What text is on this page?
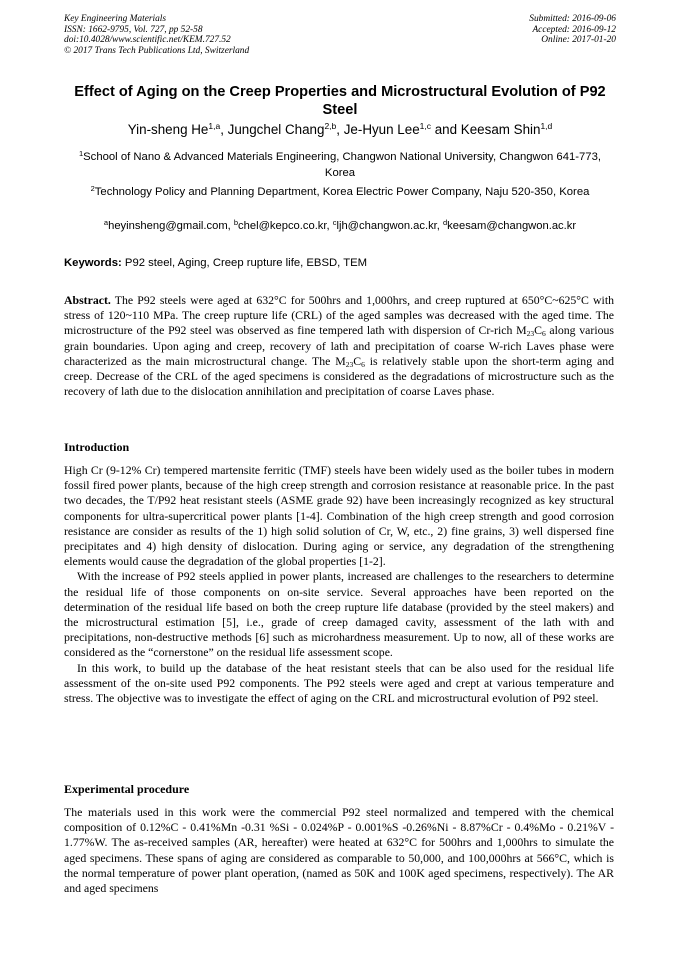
Key Engineering Materials
ISSN: 1662-9795, Vol. 727, pp 52-58
doi:10.4028/www.scientific.net/KEM.727.52
© 2017 Trans Tech Publications Ltd, Switzerland
Submitted: 2016-09-06
Accepted: 2016-09-12
Online: 2017-01-20
Effect of Aging on the Creep Properties and Microstructural Evolution of P92 Steel
Yin-sheng He$^{1,a}$, Jungchel Chang$^{2,b}$, Je-Hyun Lee$^{1,c}$ and Keesam Shin$^{1,d}$
$^1$School of Nano & Advanced Materials Engineering, Changwon National University, Changwon 641-773, Korea
$^2$Technology Policy and Planning Department, Korea Electric Power Company, Naju 520-350, Korea
$^a$heyinsheng@gmail.com, $^b$chel@kepco.co.kr, $^c$ljh@changwon.ac.kr, $^d$keesam@changwon.ac.kr
Keywords: P92 steel, Aging, Creep rupture life, EBSD, TEM

Abstract. The P92 steels were aged at 632°C for 500hrs and 1,000hrs, and creep ruptured at 650°C~625°C with stress of 120~110 MPa. The creep rupture life (CRL) of the aged samples was decreased with the aged time. The microstructure of the P92 steel was observed as fine tempered lath with dispersion of Cr-rich $M_{23}C_6$ along various grain boundaries. Upon aging and creep, recovery of lath and precipitation of coarse W-rich Laves phase were characterized as the main microstructural change. The $M_{23}C_6$ is relatively stable upon the short-term aging and creep. Decrease of the CRL of the aged specimens is considered as the degradations of microstructure such as the recovery of lath due to the dislocation annihilation and precipitation of coarse Laves phase.

Introduction

High Cr (9-12% Cr) tempered martensite ferritic (TMF) steels have been widely used as the boiler tubes in modern fossil fired power plants, because of the high creep strength and corrosion resistance at reasonable price. In the past two decades, the T/P92 heat resistant steels (ASME grade 92) have been increasingly recognized as key structural components for ultra-supercritical power plants [1-4]. Combination of the high creep strength and good corrosion resistance are consider as results of the 1) high solid solution of Cr, W, etc., 2) fine grains, 3) well dispersed fine precipitates and 4) high density of dislocation. During aging or service, any degradation of the strengthening elements would cause the degradation of the global properties [1-2].

With the increase of P92 steels applied in power plants, increased are challenges to the researchers to determine the residual life of those components on on-site service. Several approaches have been reported on the determination of the residual life based on both the creep rupture life database (provided by the steel makers) and the microstructural estimation [5], i.e., grade of creep damaged cavity, assessment of the lath with and precipitations, non-destructive methods [6] such as microhardness measurement. Up to now, all of these works are considered as the “cornerstone” on the residual life assessment scope.

In this work, to build up the database of the heat resistant steels that can be also used for the residual life assessment of the on-site used P92 components. The P92 steels were aged and crept at various temperature and stress. The objective was to investigate the effect of aging on the CRL and microstructural evolution of P92 steel.

Experimental procedure

The materials used in this work were the commercial P92 steel normalized and tempered with the chemical composition of 0.12%C - 0.41%Mn -0.31 %Si - 0.024%P - 0.001%S -0.26%Ni - 8.87%Cr - 0.4%Mo - 0.21%V - 1.77%W. The as-received samples (AR, hereafter) were heated at 632°C for 500hrs and 1,000hrs to simulate the aged specimens. These spans of aging are considered as comparable to 50,000, and 100,000hrs at 566°C, which is the normal temperature of power plant operation, (named as 50K and 100K aged specimens, respectively). The AR and aged specimens
